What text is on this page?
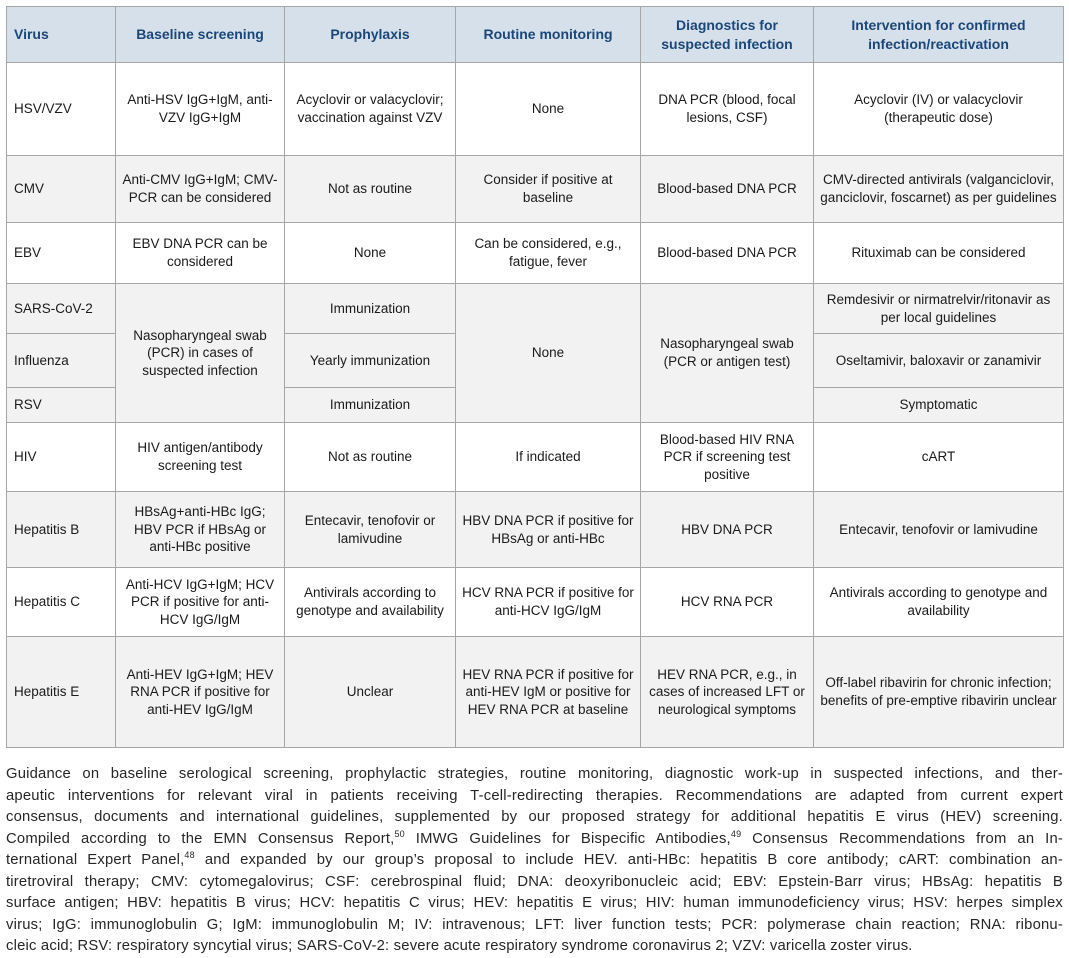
Virus	Baseline screening	Prophylaxis	Routine monitoring	Diagnostics for suspected infection	Intervention for confirmed infection/reactivation
HSV/VZV	Anti-HSV IgG+IgM, anti-VZV IgG+IgM	Acyclovir or valacyclovir; vaccination against VZV	None	DNA PCR (blood, focal lesions, CSF)	Acyclovir (IV) or valacyclovir (therapeutic dose)
CMV	Anti-CMV IgG+IgM; CMV-PCR can be considered	Not as routine	Consider if positive at baseline	Blood-based DNA PCR	CMV-directed antivirals (valganciclovir, ganciclovir, foscarnet) as per guidelines
EBV	EBV DNA PCR can be considered	None	Can be considered, e.g., fatigue, fever	Blood-based DNA PCR	Rituximab can be considered
SARS-CoV-2	Nasopharyngeal swab (PCR) in cases of suspected infection	Immunization	None	Nasopharyngeal swab (PCR or antigen test)	Remdesivir or nirmatrelvir/ritonavir as per local guidelines
Influenza		Yearly immunization			Oseltamivir, baloxavir or zanamivir
RSV		Immunization			Symptomatic
HIV	HIV antigen/antibody screening test	Not as routine	If indicated	Blood-based HIV RNA PCR if screening test positive	cART
Hepatitis B	HBsAg+anti-HBc IgG; HBV PCR if HBsAg or anti-HBc positive	Entecavir, tenofovir or lamivudine	HBV DNA PCR if positive for HBsAg or anti-HBc	HBV DNA PCR	Entecavir, tenofovir or lamivudine
Hepatitis C	Anti-HCV IgG+IgM; HCV PCR if positive for anti-HCV IgG/IgM	Antivirals according to genotype and availability	HCV RNA PCR if positive for anti-HCV IgG/IgM	HCV RNA PCR	Antivirals according to genotype and availability
Hepatitis E	Anti-HEV IgG+IgM; HEV RNA PCR if positive for anti-HEV IgG/IgM	Unclear	HEV RNA PCR if positive for anti-HEV IgM or positive for HEV RNA PCR at baseline	HEV RNA PCR, e.g., in cases of increased LFT or neurological symptoms	Off-label ribavirin for chronic infection; benefits of pre-emptive ribavirin unclear
Guidance on baseline serological screening, prophylactic strategies, routine monitoring, diagnostic work-up in suspected infections, and ther-
apeutic interventions for relevant viral in patients receiving T-cell-redirecting therapies. Recommendations are adapted from current expert
consensus, documents and international guidelines, supplemented by our proposed strategy for additional hepatitis E virus (HEV) screening.
Compiled according to the EMN Consensus Report,$^{50}$ IMWG Guidelines for Bispecific Antibodies,$^{49}$ Consensus Recommendations from an In-
ternational Expert Panel,$^{48}$ and expanded by our group’s proposal to include HEV. anti-HBc: hepatitis B core antibody; cART: combination an-
tiretroviral therapy; CMV: cytomegalovirus; CSF: cerebrospinal fluid; DNA: deoxyribonucleic acid; EBV: Epstein-Barr virus; HBsAg: hepatitis B
surface antigen; HBV: hepatitis B virus; HCV: hepatitis C virus; HEV: hepatitis E virus; HIV: human immunodeficiency virus; HSV: herpes simplex
virus; IgG: immunoglobulin G; IgM: immunoglobulin M; IV: intravenous; LFT: liver function tests; PCR: polymerase chain reaction; RNA: ribonu-
cleic acid; RSV: respiratory syncytial virus; SARS-CoV-2: severe acute respiratory syndrome coronavirus 2; VZV: varicella zoster virus.
